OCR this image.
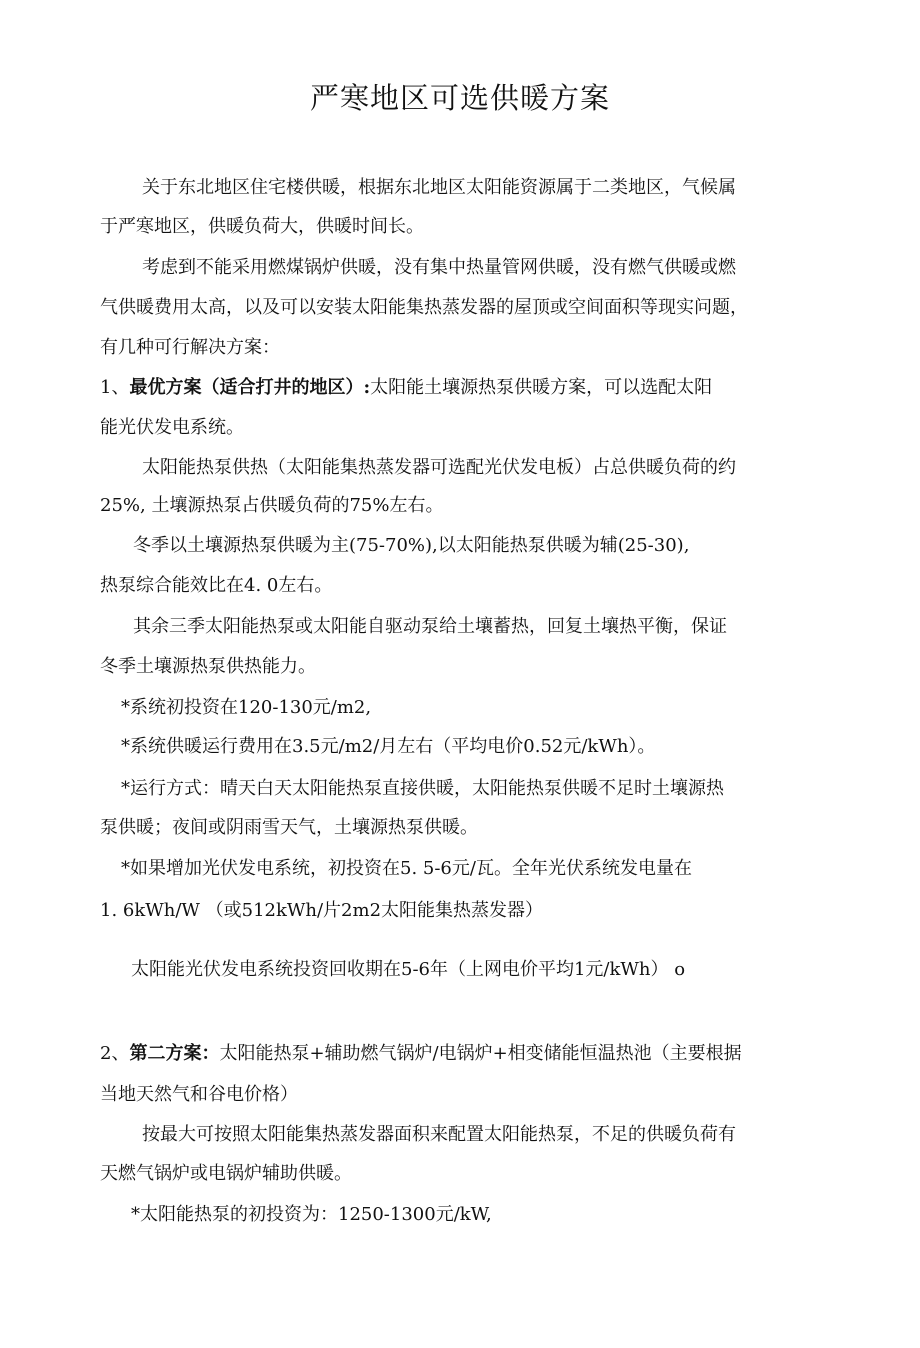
严寒地区可选供暖方案

关于东北地区住宅楼供暖，根据东北地区太阳能资源属于二类地区，气候属

于严寒地区，供暖负荷大，供暖时间长。

考虑到不能采用燃煤锅炉供暖，没有集中热量管网供暖，没有燃气供暖或燃

气供暖费用太高，以及可以安装太阳能集热蒸发器的屋顶或空间面积等现实问题，

有几种可行解决方案：

1、最优方案（适合打井的地区）:太阳能土壤源热泵供暖方案，可以选配太阳

能光伏发电系统。

太阳能热泵供热（太阳能集热蒸发器可选配光伏发电板）占总供暖负荷的约

25%, 土壤源热泵占供暖负荷的75%左右。

冬季以土壤源热泵供暖为主(75-70%),以太阳能热泵供暖为辅(25-30),

热泵综合能效比在4. 0左右。

其余三季太阳能热泵或太阳能自驱动泵给土壤蓄热，回复土壤热平衡，保证

冬季土壤源热泵供热能力。

*系统初投资在120-130元/m2,

*系统供暖运行费用在3.5元/m2/月左右（平均电价0.52元/kWh）。

*运行方式：晴天白天太阳能热泵直接供暖，太阳能热泵供暖不足时土壤源热

泵供暖；夜间或阴雨雪天气，土壤源热泵供暖。

*如果增加光伏发电系统，初投资在5. 5-6元/瓦。全年光伏系统发电量在

1. 6kWh/W （或512kWh/片2m2太阳能集热蒸发器）

太阳能光伏发电系统投资回收期在5-6年（上网电价平均1元/kWh） o

2、第二方案：太阳能热泵+辅助燃气锅炉/电锅炉+相变储能恒温热池（主要根据

当地天然气和谷电价格）

按最大可按照太阳能集热蒸发器面积来配置太阳能热泵，不足的供暖负荷有

天燃气锅炉或电锅炉辅助供暖。

*太阳能热泵的初投资为：1250-1300元/kW,
